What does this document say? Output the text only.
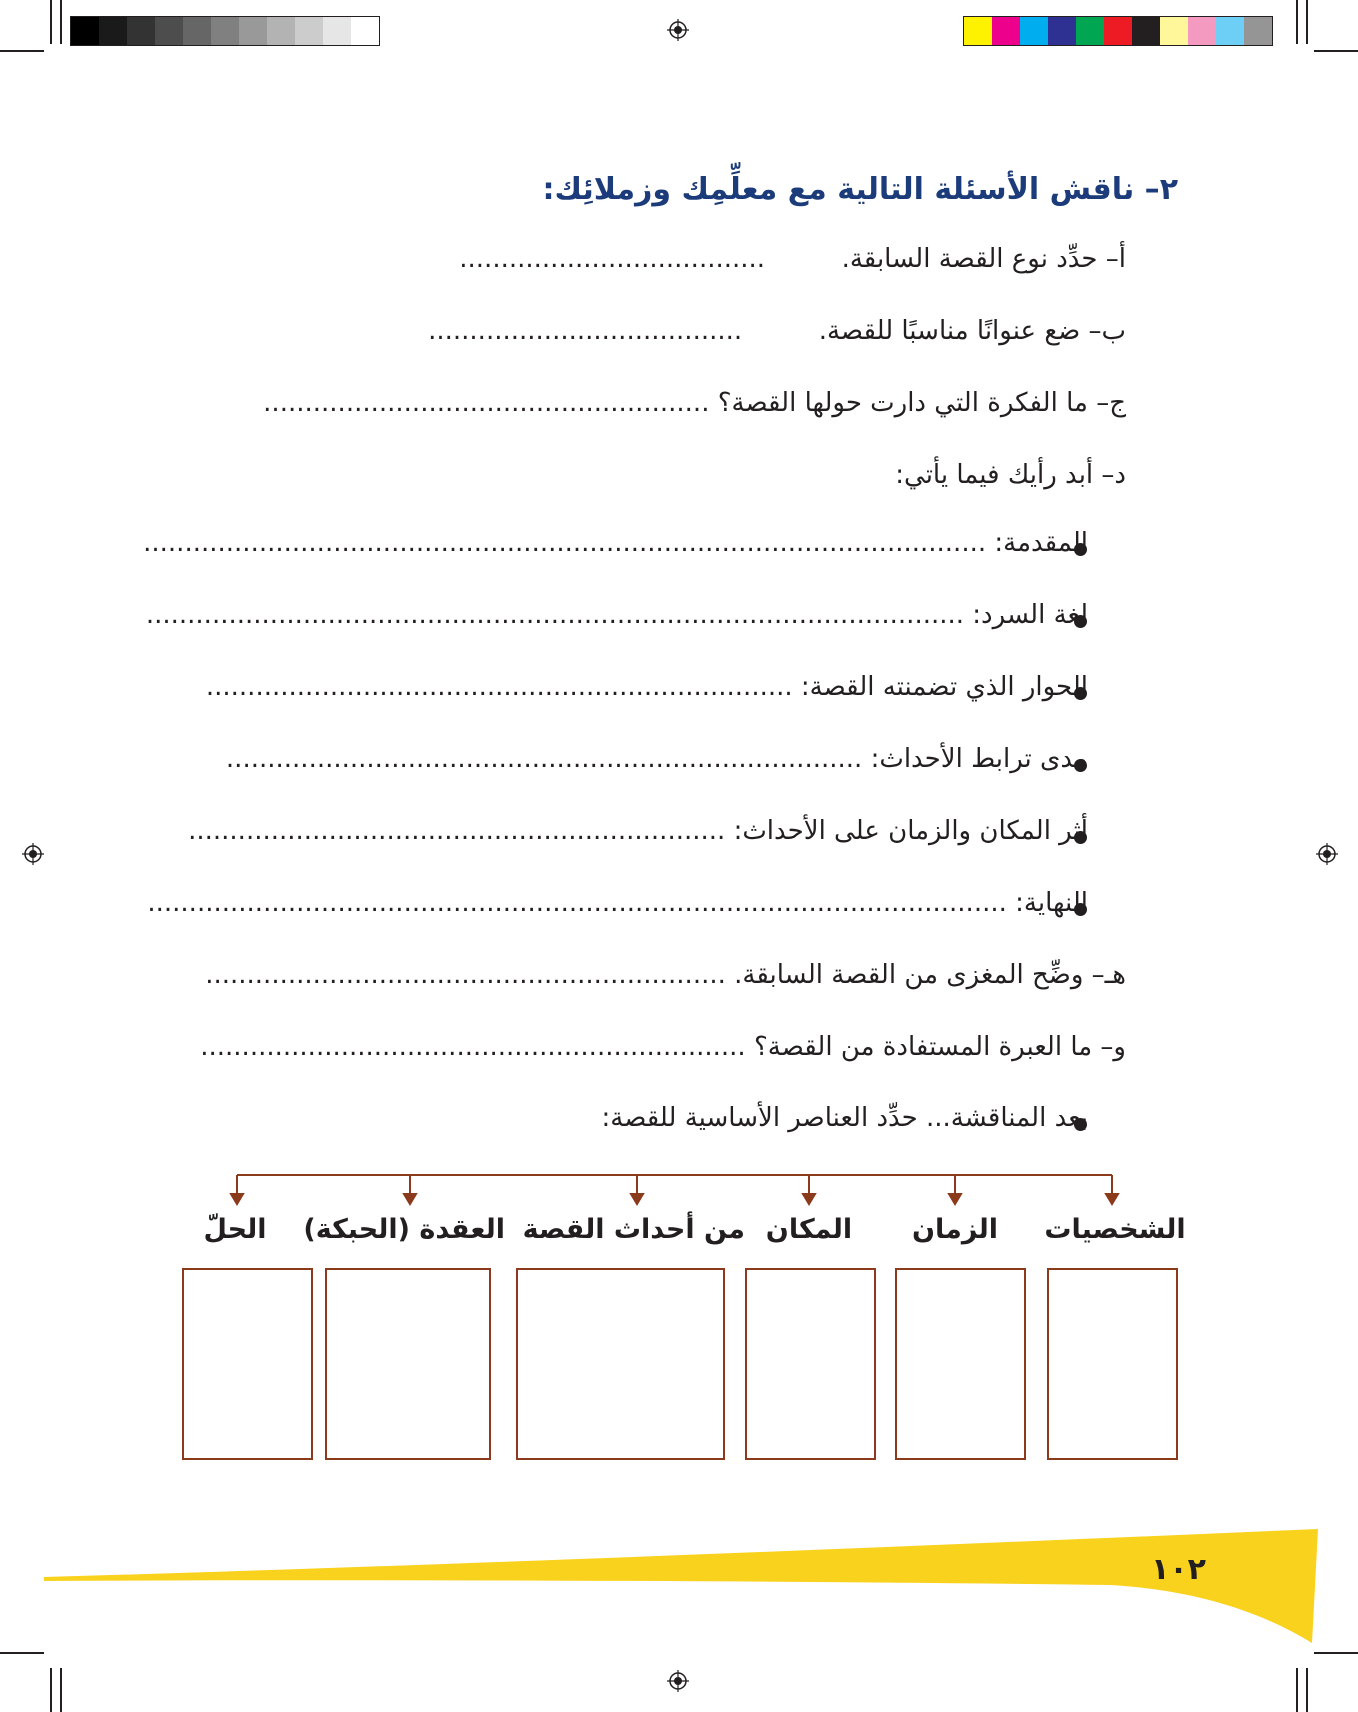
٢– ناقش الأسئلة التالية مع معلِّمِك وزملائِك:
أ– حدِّد نوع القصة السابقة.  .....................................
ب– ضع عنوانًا مناسبًا للقصة.  ......................................
ج– ما الفكرة التي دارت حولها القصة؟ ......................................................
د– أبد رأيك فيما يأتي:
المقدمة: ......................................................................................................
لغة السرد: ...................................................................................................
الحوار الذي تضمنته القصة: .......................................................................
مدى ترابط الأحداث: .............................................................................
أثر المكان والزمان على الأحداث: .................................................................
النهاية: ........................................................................................................
هـ– وضِّح المغزى من القصة السابقة. ...............................................................
و– ما العبرة المستفادة من القصة؟ ..................................................................
بعد المناقشة... حدِّد العناصر الأساسية للقصة:
الشخصيات
الزمان
المكان
من أحداث القصة
العقدة (الحبكة)
الحلّ
١٠٢
